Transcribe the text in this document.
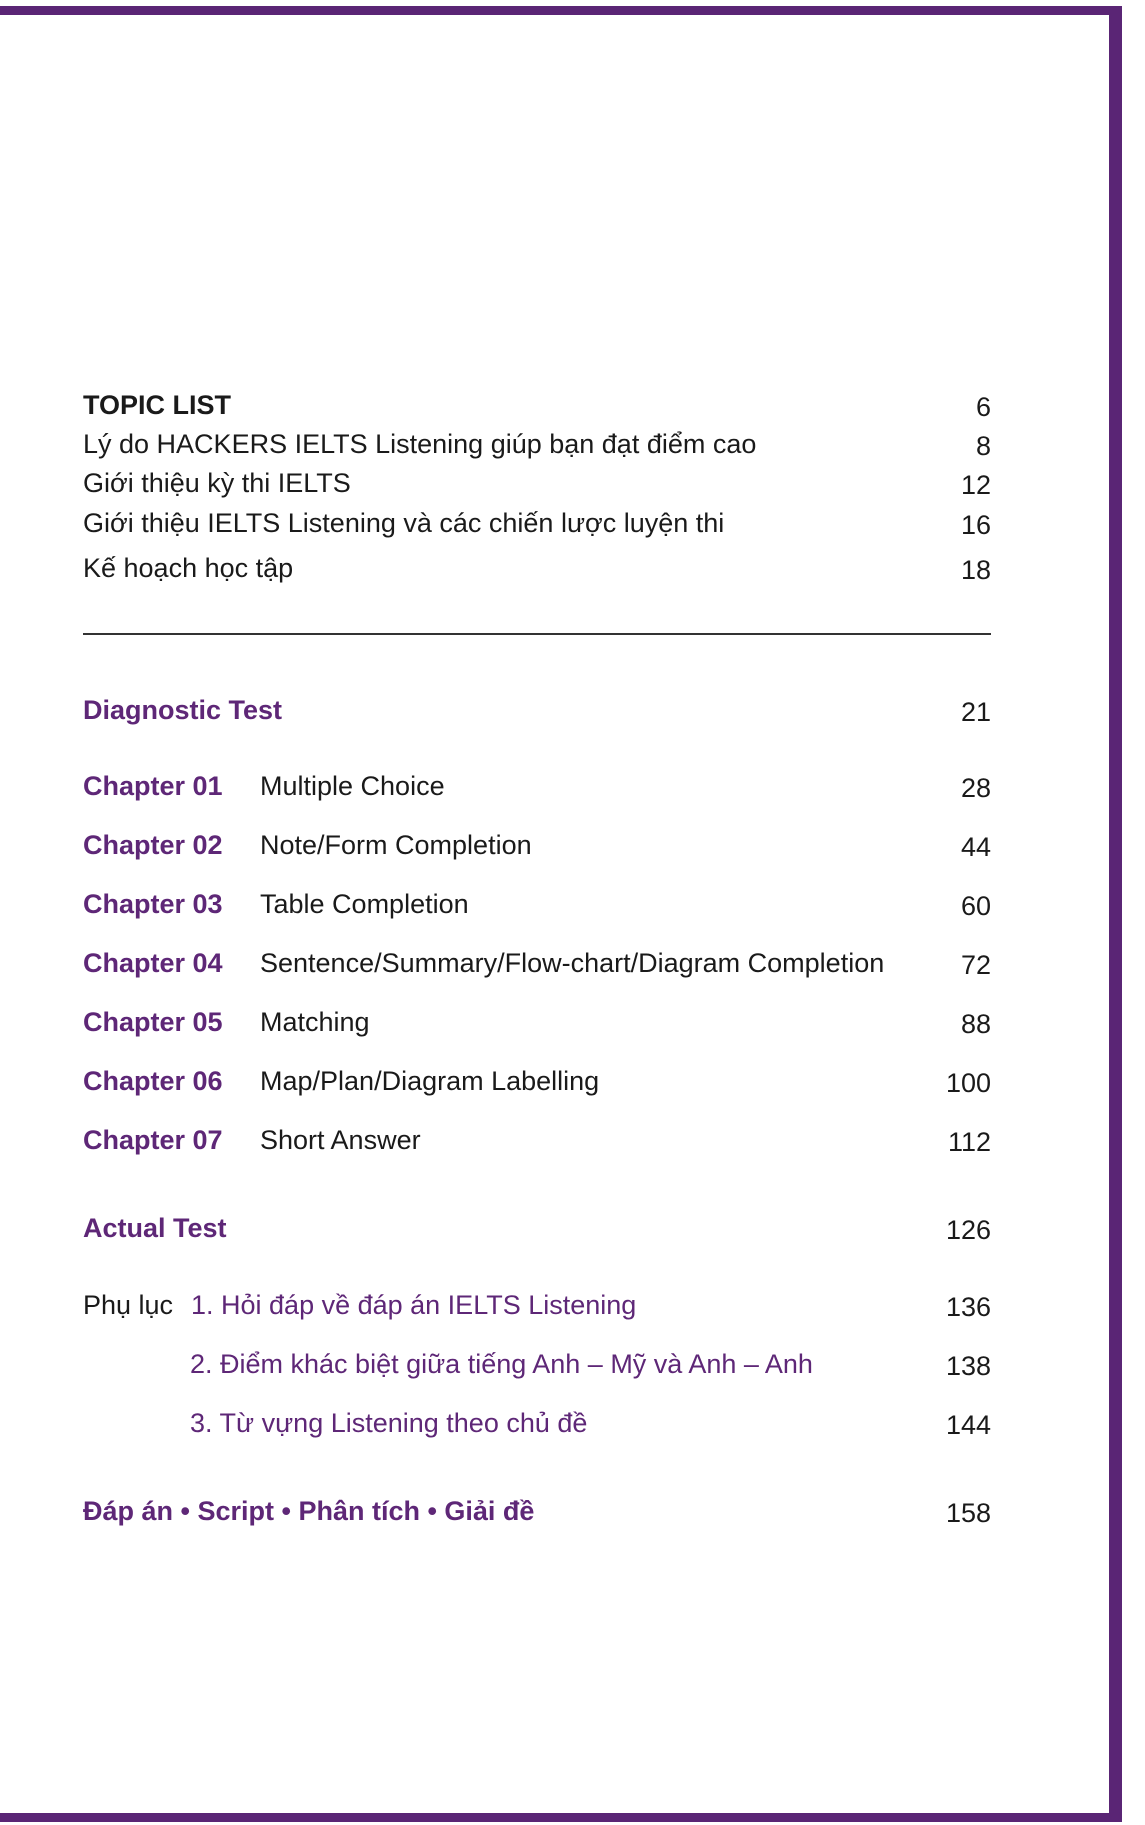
TOPIC LIST	6
Lý do HACKERS IELTS Listening giúp bạn đạt điểm cao	8
Giới thiệu kỳ thi IELTS	12
Giới thiệu IELTS Listening và các chiến lược luyện thi	16
Kế hoạch học tập	18
Diagnostic Test	21
Chapter 01 Multiple Choice	28
Chapter 02 Note/Form Completion	44
Chapter 03 Table Completion	60
Chapter 04 Sentence/Summary/Flow-chart/Diagram Completion	72
Chapter 05 Matching	88
Chapter 06 Map/Plan/Diagram Labelling	100
Chapter 07 Short Answer	112
Actual Test	126
Phụ lục 1. Hỏi đáp về đáp án IELTS Listening	136
2. Điểm khác biệt giữa tiếng Anh – Mỹ và Anh – Anh	138
3. Từ vựng Listening theo chủ đề	144
Đáp án • Script • Phân tích • Giải đề	158
